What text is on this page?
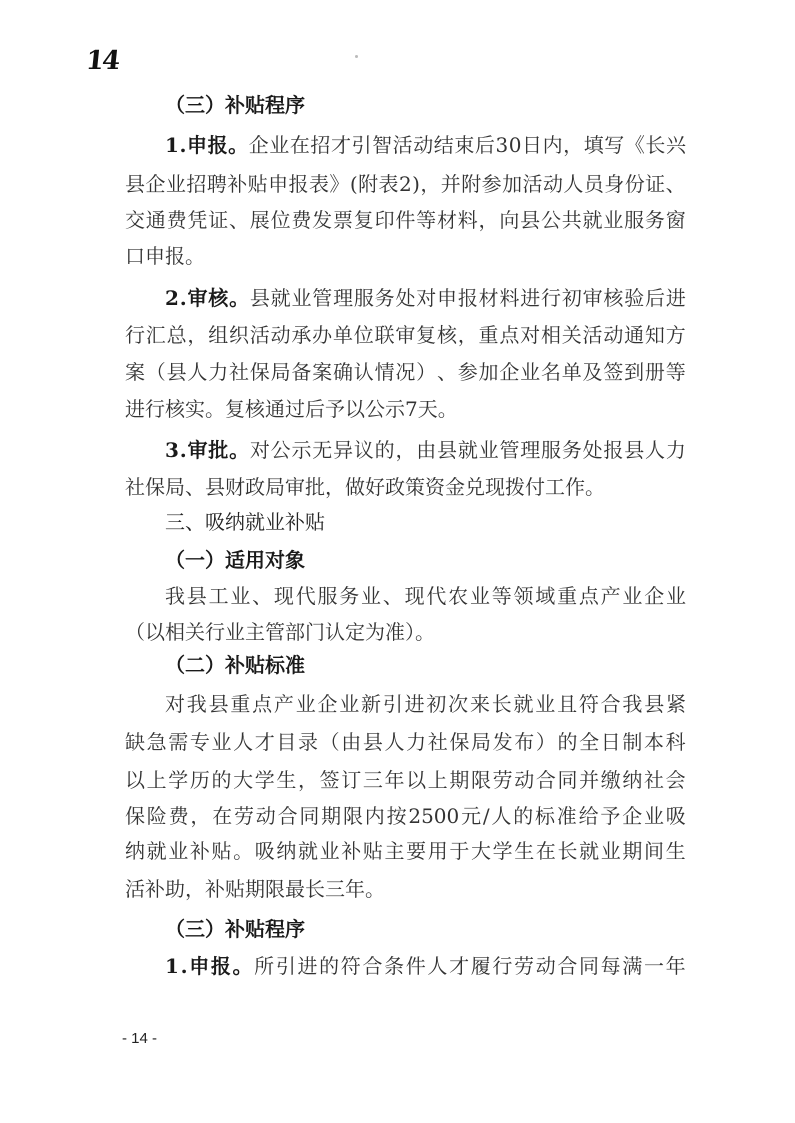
14
（三）补贴程序
1 . 申 报 。 企 业 在 招 才 引 智 活 动 结 束 后 3 0 日 内 ， 填 写 《 长 兴
县 企 业 招 聘 补 贴 申 报 表 》 ( 附 表 2 ) ， 并 附 参 加 活 动 人 员 身 份 证 、
交 通 费 凭 证 、 展 位 费 发 票 复 印 件 等 材 料 ， 向 县 公 共 就 业 服 务 窗
口申报。
2 . 审 核 。 县 就 业 管 理 服 务 处 对 申 报 材 料 进 行 初 审 核 验 后 进
行 汇 总 ， 组 织 活 动 承 办 单 位 联 审 复 核 ， 重 点 对 相 关 活 动 通 知 方
案 （ 县 人 力 社 保 局 备 案 确 认 情 况 ） 、 参 加 企 业 名 单 及 签 到 册 等
进行核实。复核通过后予以公示7天。
3 . 审 批 。 对 公 示 无 异 议 的 ， 由 县 就 业 管 理 服 务 处 报 县 人 力
社保局、县财政局审批，做好政策资金兑现拨付工作。
三、吸纳就业补贴
（一）适用对象
我 县 工 业 、 现 代 服 务 业 、 现 代 农 业 等 领 域 重 点 产 业 企 业
（以相关行业主管部门认定为准）。
（二）补贴标准
对 我 县 重 点 产 业 企 业 新 引 进 初 次 来 长 就 业 且 符 合 我 县 紧
缺 急 需 专 业 人 才 目 录 （ 由 县 人 力 社 保 局 发 布 ） 的 全 日 制 本 科
以 上 学 历 的 大 学 生 ， 签 订 三 年 以 上 期 限 劳 动 合 同 并 缴 纳 社 会
保 险 费 ， 在 劳 动 合 同 期 限 内 按 2500 元 / 人 的 标 准 给 予 企 业 吸
纳 就 业 补 贴 。 吸 纳 就 业 补 贴 主 要 用 于 大 学 生 在 长 就 业 期 间 生
活补助，补贴期限最长三年。
（三）补贴程序
1 . 申 报 。 所 引 进 的 符 合 条 件 人 才 履 行 劳 动 合 同 每 满 一 年
- 14 -
